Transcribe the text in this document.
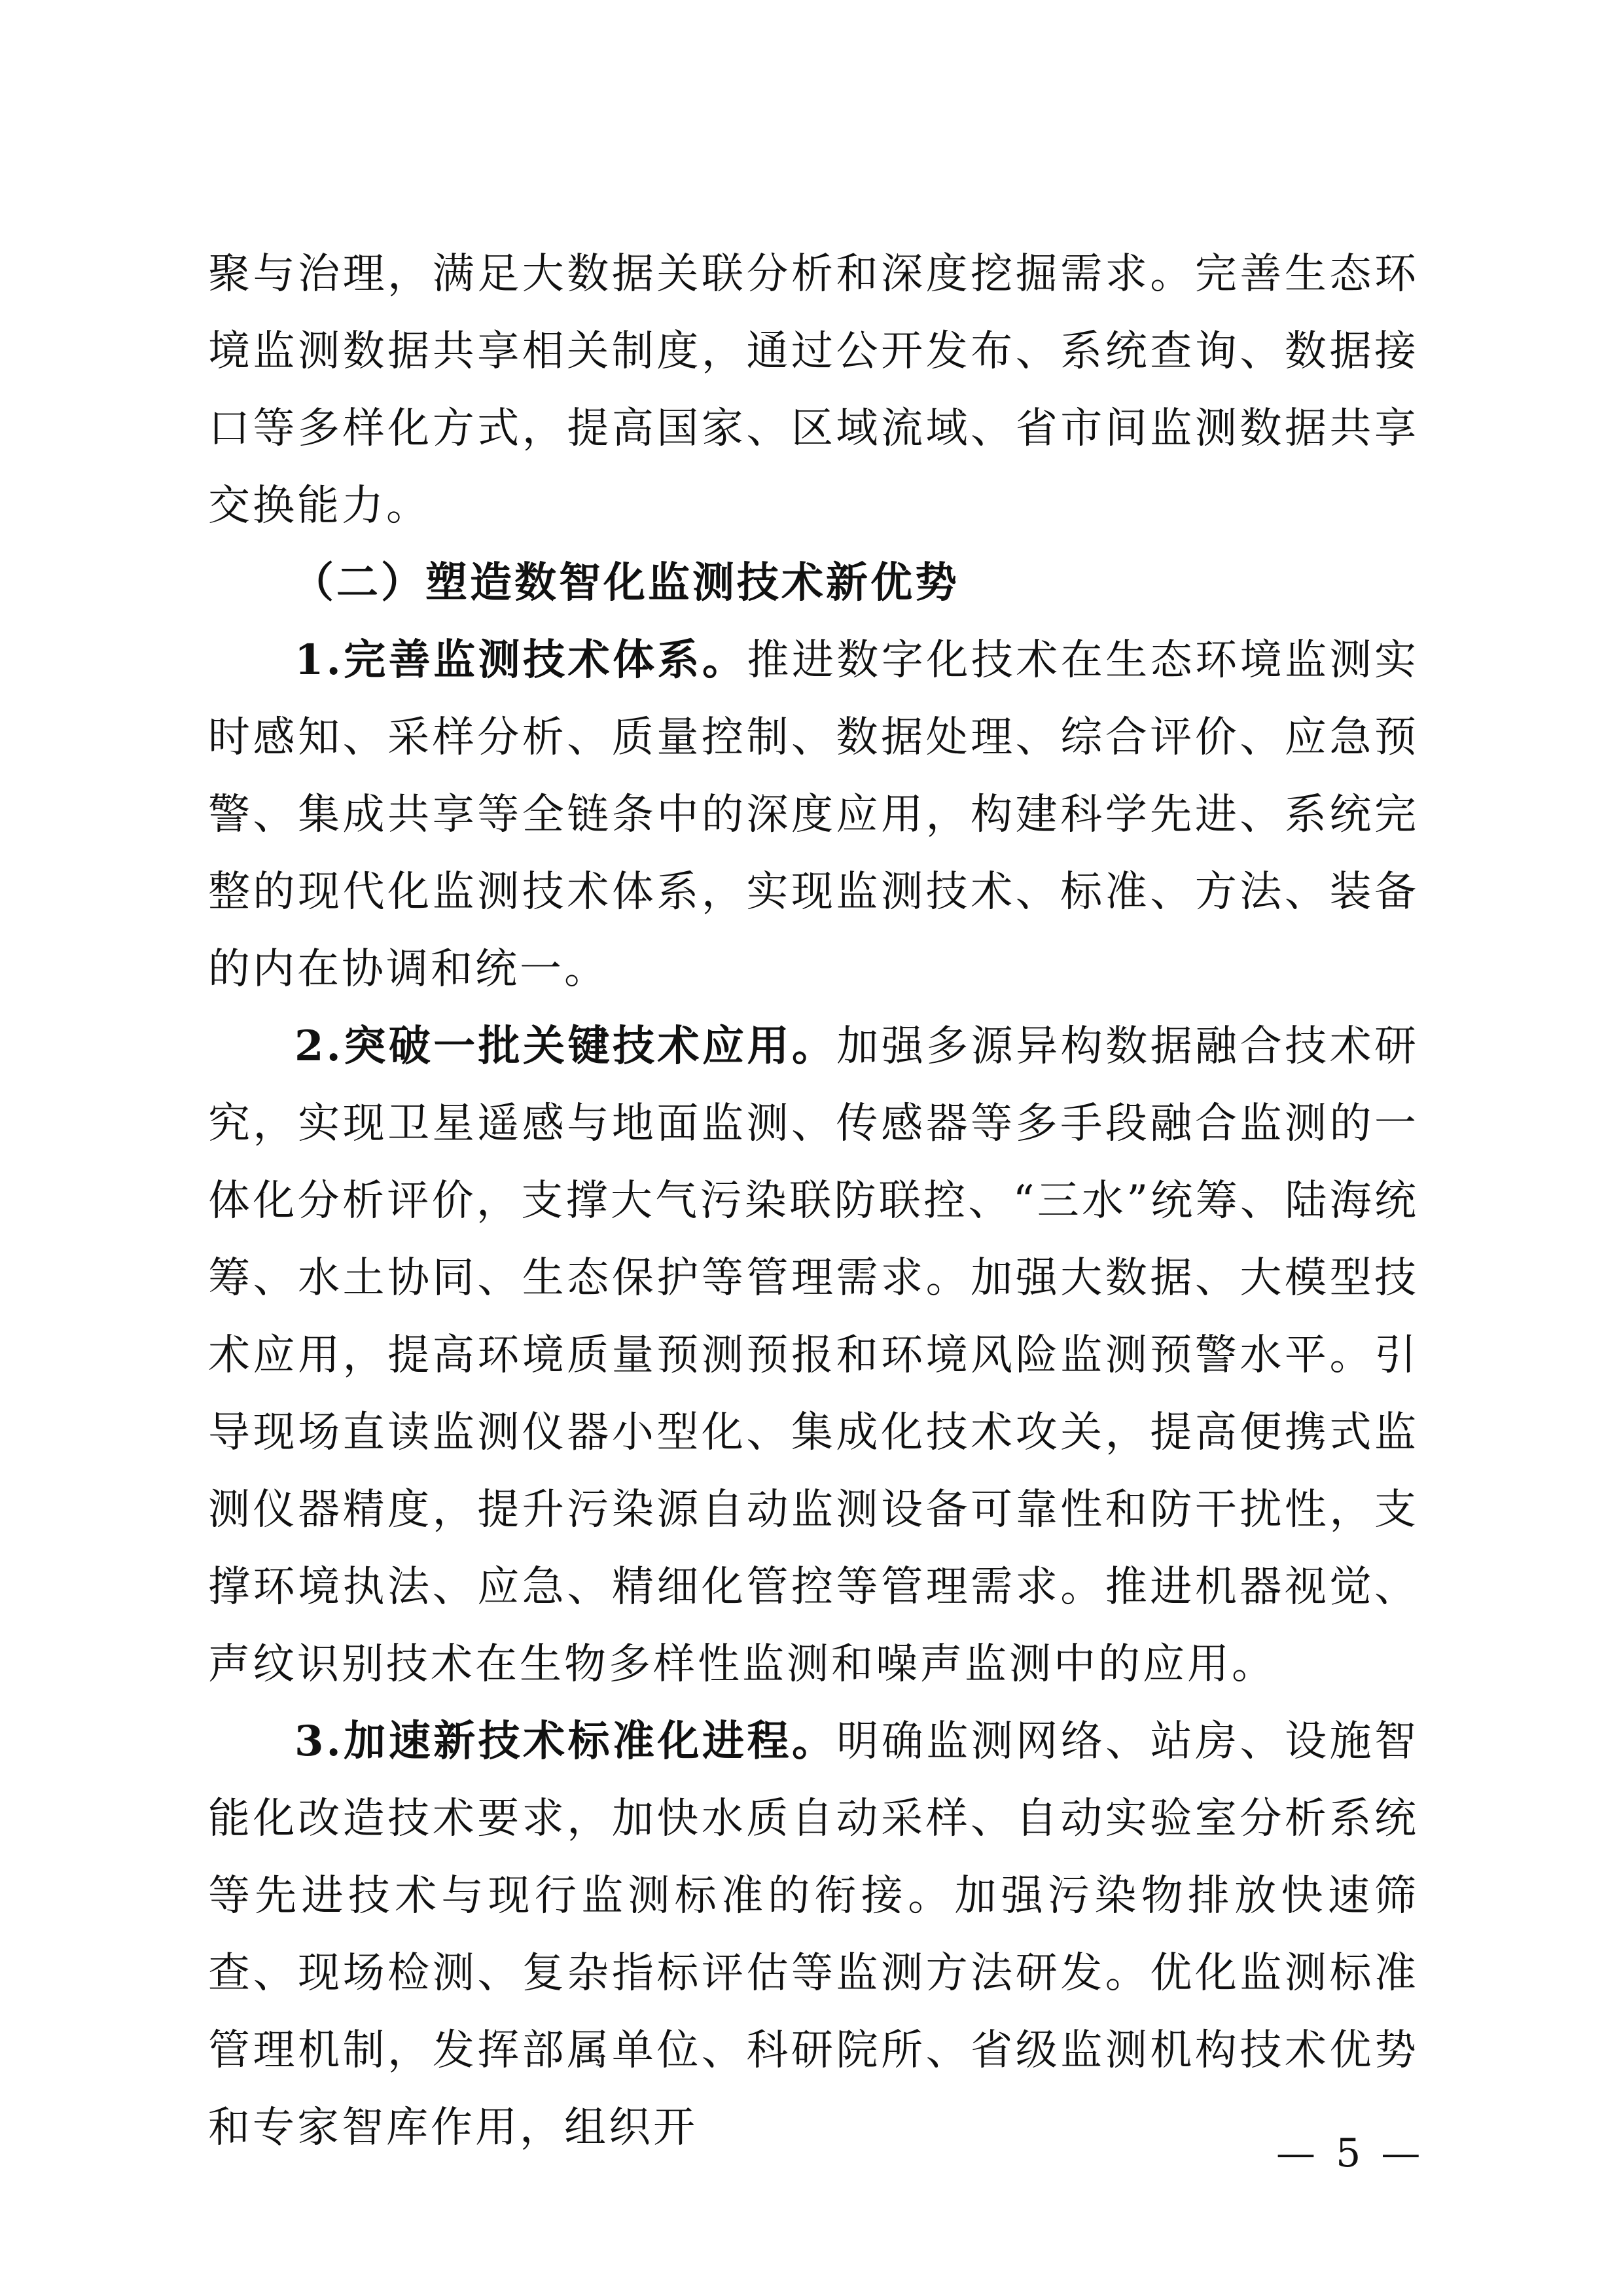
聚与治理，满足大数据关联分析和深度挖掘需求。完善生态环境监测数据共享相关制度，通过公开发布、系统查询、数据接口等多样化方式，提高国家、区域流域、省市间监测数据共享交换能力。

（二）塑造数智化监测技术新优势

1.完善监测技术体系。推进数字化技术在生态环境监测实时感知、采样分析、质量控制、数据处理、综合评价、应急预警、集成共享等全链条中的深度应用，构建科学先进、系统完整的现代化监测技术体系，实现监测技术、标准、方法、装备的内在协调和统一。

2.突破一批关键技术应用。加强多源异构数据融合技术研究，实现卫星遥感与地面监测、传感器等多手段融合监测的一体化分析评价，支撑大气污染联防联控、“三水”统筹、陆海统筹、水土协同、生态保护等管理需求。加强大数据、大模型技术应用，提高环境质量预测预报和环境风险监测预警水平。引导现场直读监测仪器小型化、集成化技术攻关，提高便携式监测仪器精度，提升污染源自动监测设备可靠性和防干扰性，支撑环境执法、应急、精细化管控等管理需求。推进机器视觉、声纹识别技术在生物多样性监测和噪声监测中的应用。

3.加速新技术标准化进程。明确监测网络、站房、设施智能化改造技术要求，加快水质自动采样、自动实验室分析系统等先进技术与现行监测标准的衔接。加强污染物排放快速筛查、现场检测、复杂指标评估等监测方法研发。优化监测标准管理机制，发挥部属单位、科研院所、省级监测机构技术优势和专家智库作用，组织开

— 5 —
